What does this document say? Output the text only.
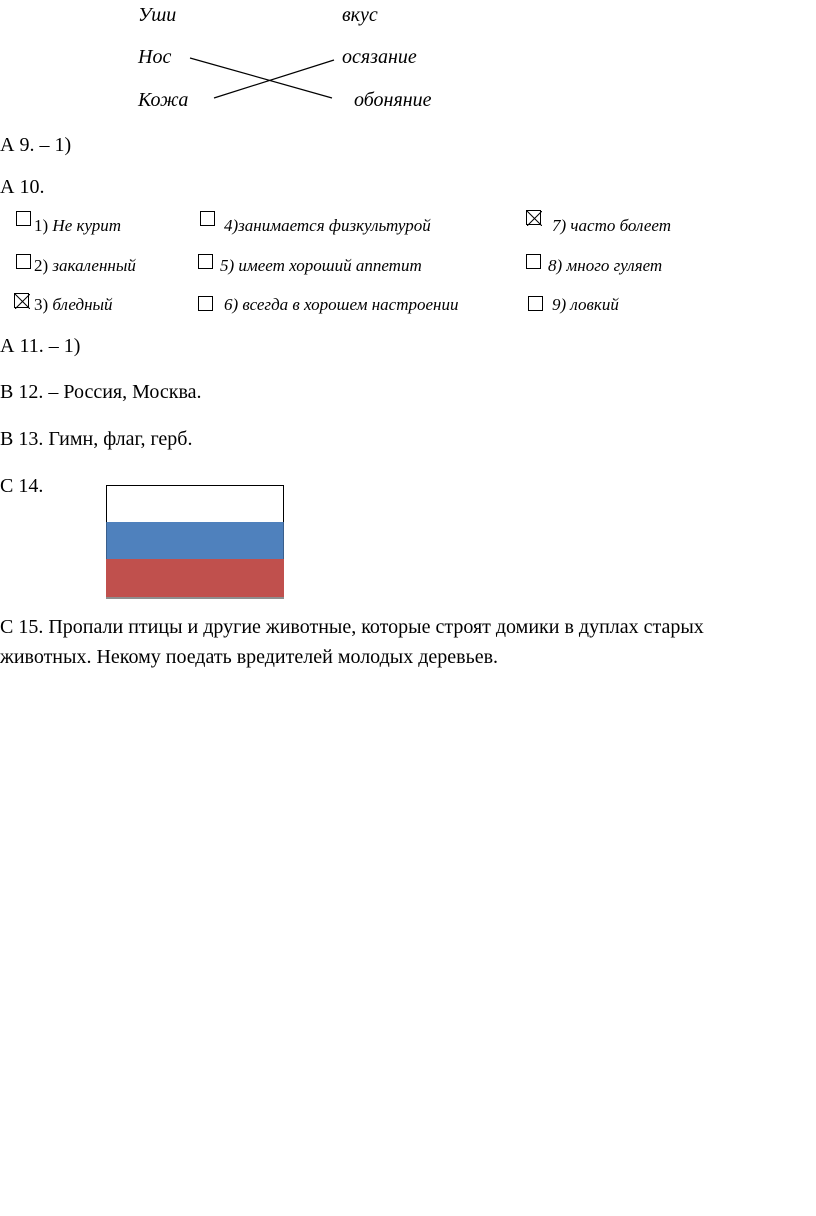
Уши
Нос
Кожа
вкус
осязание
обоняние
А 9. – 1)
А 10.
1) Не курит	4)занимается физкультурой	7) часто болеет
2) закаленный	5) имеет хороший аппетит	8) много гуляет
3) бледный	6) всегда в хорошем настроении	9) ловкий
А 11. – 1)
В 12. – Россия, Москва.
В 13. Гимн, флаг, герб.
С 14.
С 15. Пропали птицы и другие животные, которые строят домики в дуплах старых
животных. Некому поедать вредителей молодых деревьев.
